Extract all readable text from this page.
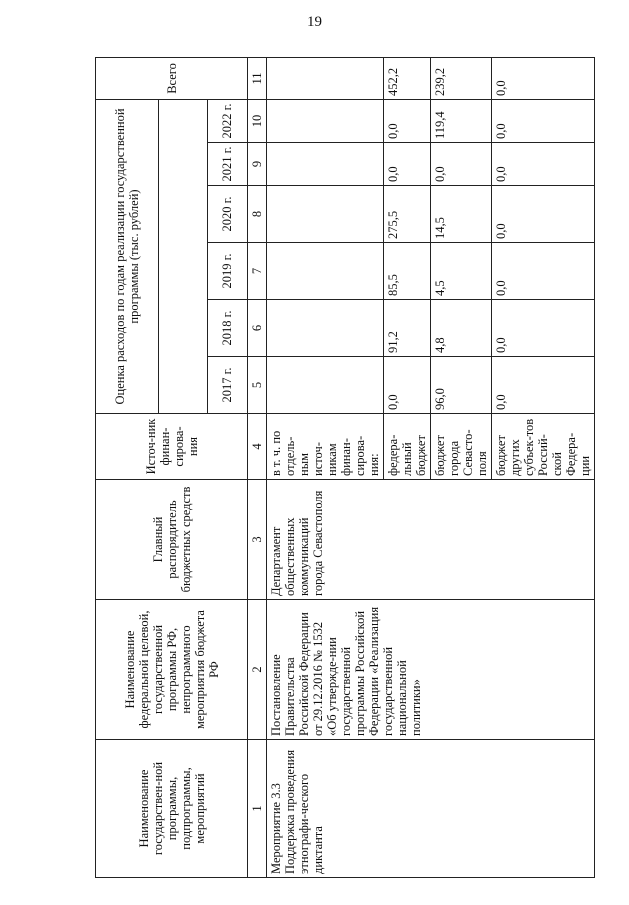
19
Наименование государствен-ной программы, подпрограммы, мероприятий	Наименование федеральной целевой, государственной программы РФ, непрограммного мероприятия бюджета РФ	Главный распорядитель бюджетных средств	Источ-ник финан-сирова-ния	Оценка расходов по годам реализации государственной программы (тыс. рублей)						Всего

				2017 г.	2018 г.	2019 г.	2020 г.	2021 г.	2022 г.	
1	2	3	4	5	6	7	8	9	10	11
Мероприятие 3.3 Поддержка проведения этнографи-ческого диктанта	Постановление Правительства Российской Федерации от 29.12.2016 № 1532 «Об утвержде-нии государственной программы Российской Федерации «Реализация государственной национальной политики»	Департамент общественных коммуникаций города Севастополя	в т. ч. по отдель-ным источ-никам финан-сирова-ния:							
			федера-льный бюджет	0,0	91,2	85,5	275,5	0,0	0,0	452,2
			бюджет города Севасто-поля	96,0	4,8	4,5	14,5	0,0	119,4	239,2
			бюджет других субъек-тов Россий-ской Федера-ции	0,0	0,0	0,0	0,0	0,0	0,0	0,0
